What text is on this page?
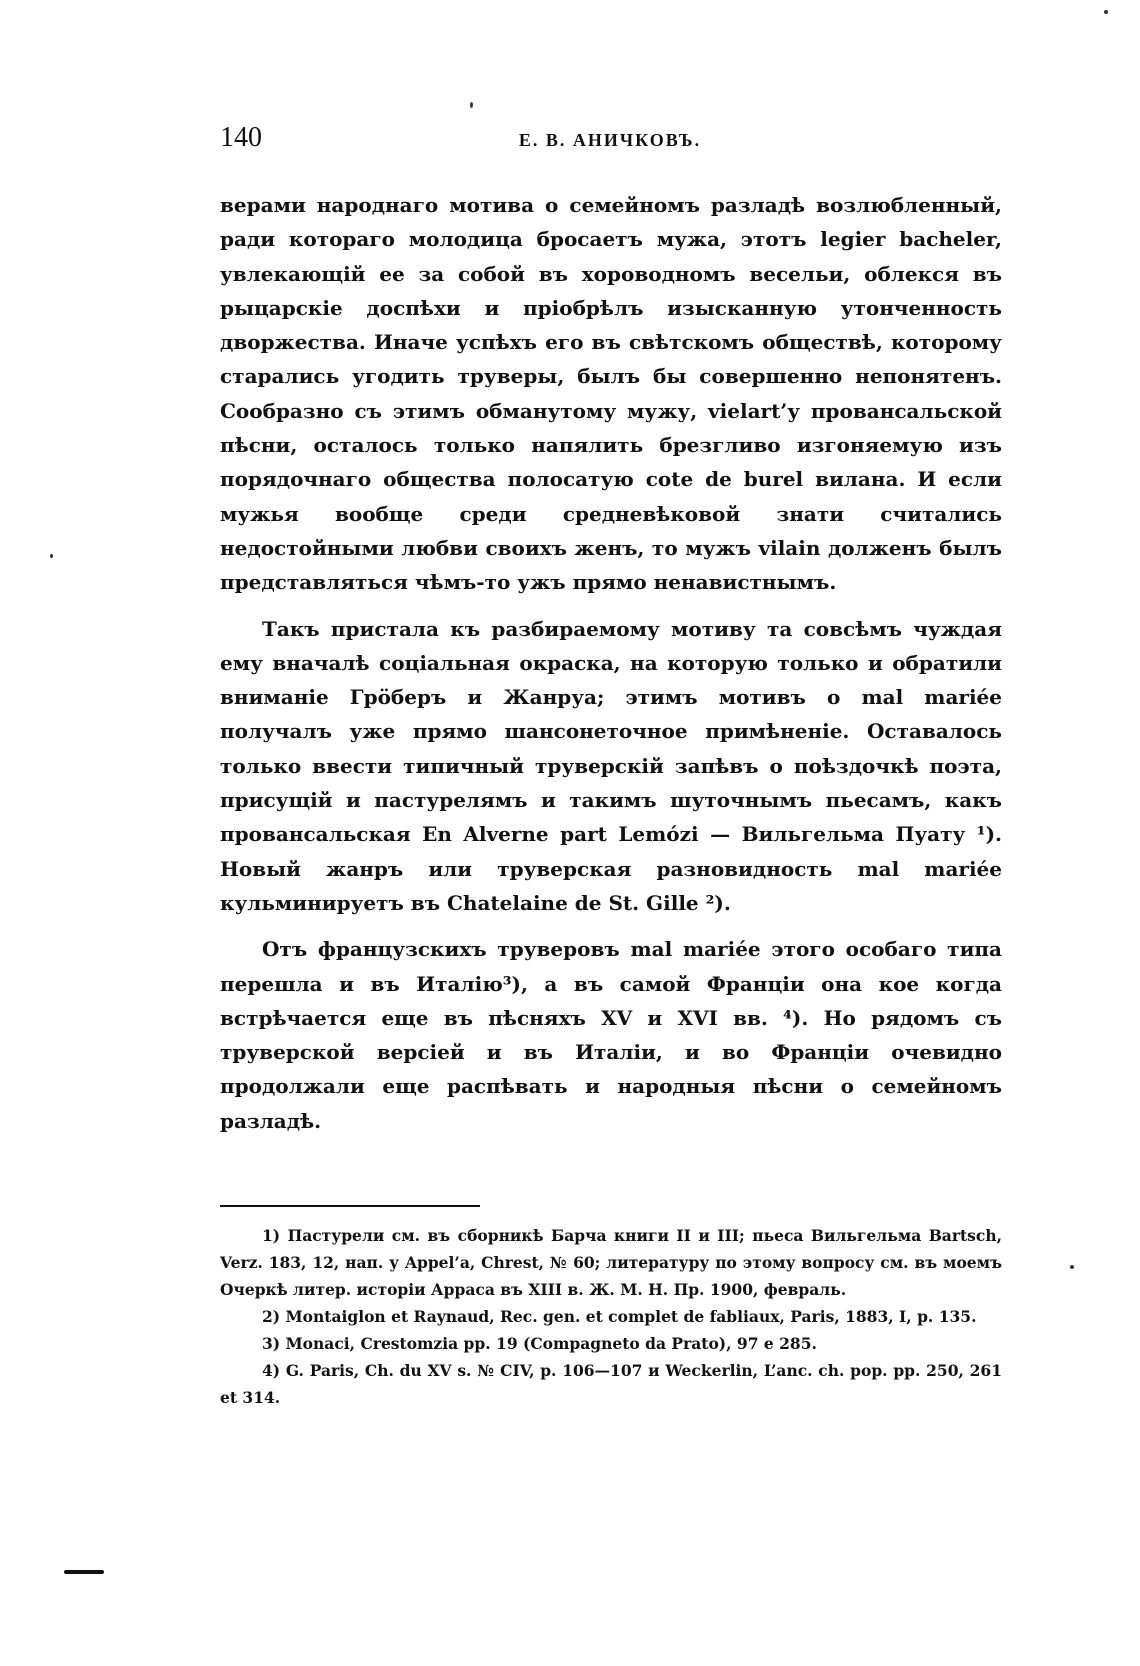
140	Е. В. АНИЧКОВЪ.

верами народнаго мотива о семейномъ разладѣ возлюбленный, ради котораго молодица бросаетъ мужа, этотъ legier bacheler, увлекающій ее за собой въ хороводномъ весельи, облекся въ рыцарскіе доспѣхи и пріобрѣлъ изысканную утонченность дворжества. Иначе успѣхъ его въ свѣтскомъ обществѣ, которому старались угодить труверы, былъ бы совершенно непонятенъ. Сообразно съ этимъ обманутому мужу, vielart’у провансальской пѣсни, осталось только напялить брезгливо изгоняемую изъ порядочнаго общества полосатую cote de burel вилана. И если мужья вообще среди средневѣковой знати считались недостойными любви своихъ женъ, то мужъ vilain долженъ былъ представляться чѣмъ-то ужъ прямо ненавистнымъ.

Такъ пристала къ разбираемому мотиву та совсѣмъ чуждая ему вначалѣ соціальная окраска, на которую только и обратили вниманіе Грöберъ и Жанруа; этимъ мотивъ о mal mariée получалъ уже прямо шансонеточное примѣненіе. Оставалось только ввести типичный труверскій запѣвъ о поѣздочкѣ поэта, присущій и пастурелямъ и такимъ шуточнымъ пьесамъ, какъ провансальская En Alverne part Lemózi — Вильгельма Пуату ¹). Новый жанръ или труверская разновидность mal mariée кульминируетъ въ Chatelaine de St. Gille ²).

Отъ французскихъ труверовъ mal mariée этого особаго типа перешла и въ Италію³), а въ самой Франціи она кое когда встрѣчается еще въ пѣсняхъ XV и XVI вв. ⁴). Но рядомъ съ труверской версіей и въ Италіи, и во Франціи очевидно продолжали еще распѣвать и народныя пѣсни о семейномъ разладѣ.

1) Пастурели см. въ сборникѣ Барча книги II и III; пьеса Вильгельма Bartsch, Verz. 183, 12, нап. у Appel’a, Chrest, № 60; литературу по этому вопросу см. въ моемъ Очеркѣ литер. исторіи Арраса въ XIII в. Ж. М. Н. Пр. 1900, февраль.

2) Montaiglon et Raynaud, Rec. gen. et complet de fabliaux, Paris, 1883, I, p. 135.

3) Monaci, Crestomzia pp. 19 (Compagneto da Prato), 97 e 285.

4) G. Paris, Ch. du XV s. № CIV, p. 106—107 и Weckerlin, L’anc. ch. pop. pp. 250, 261 et 314.
